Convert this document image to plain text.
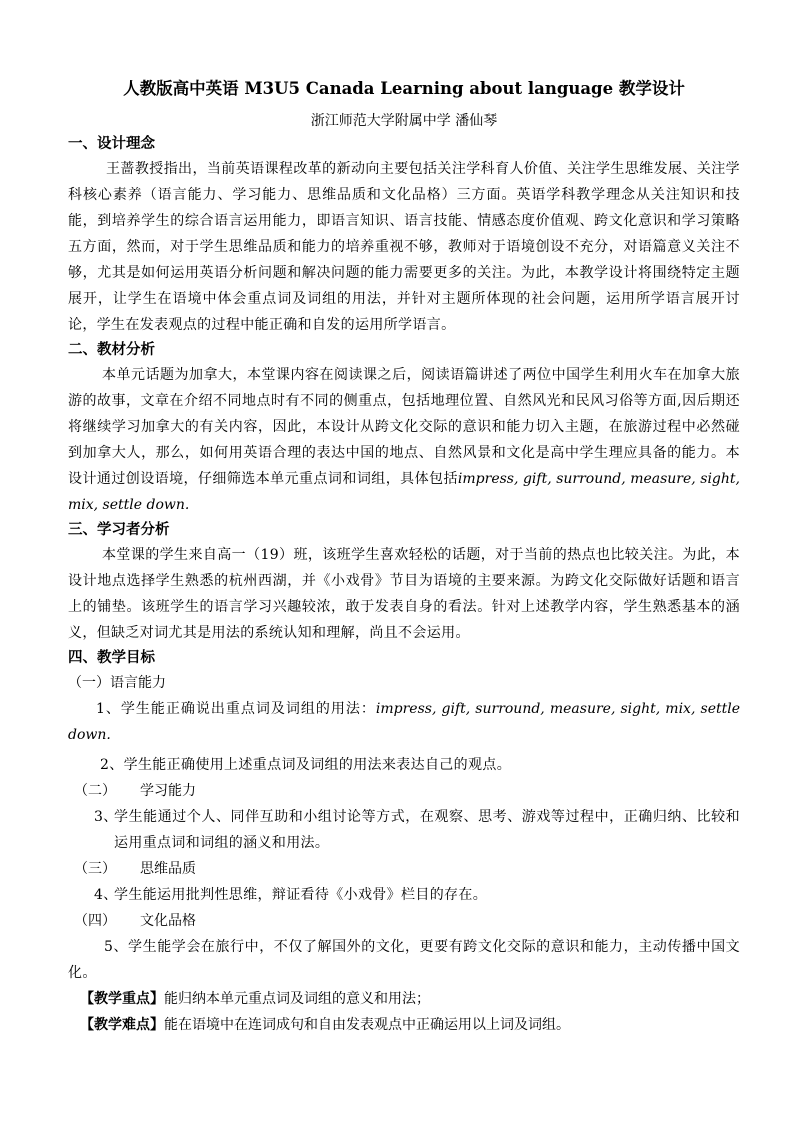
人教版高中英语 M3U5 Canada Learning about language 教学设计

浙江师范大学附属中学 潘仙琴

一、设计理念

王蔷教授指出，当前英语课程改革的新动向主要包括关注学科育人价值、关注学生思维发展、关注学科核心素养（语言能力、学习能力、思维品质和文化品格）三方面。英语学科教学理念从关注知识和技能，到培养学生的综合语言运用能力，即语言知识、语言技能、情感态度价值观、跨文化意识和学习策略五方面，然而，对于学生思维品质和能力的培养重视不够，教师对于语境创设不充分，对语篇意义关注不够，尤其是如何运用英语分析问题和解决问题的能力需要更多的关注。为此，本教学设计将围绕特定主题展开，让学生在语境中体会重点词及词组的用法，并针对主题所体现的社会问题，运用所学语言展开讨论，学生在发表观点的过程中能正确和自发的运用所学语言。

二、教材分析

本单元话题为加拿大，本堂课内容在阅读课之后，阅读语篇讲述了两位中国学生利用火车在加拿大旅游的故事，文章在介绍不同地点时有不同的侧重点，包括地理位置、自然风光和民风习俗等方面,因后期还将继续学习加拿大的有关内容，因此，本设计从跨文化交际的意识和能力切入主题，在旅游过程中必然碰到加拿大人，那么，如何用英语合理的表达中国的地点、自然风景和文化是高中学生理应具备的能力。本设计通过创设语境，仔细筛选本单元重点词和词组，具体包括impress, gift, surround, measure, sight, mix, settle down.

三、学习者分析

本堂课的学生来自高一（19）班，该班学生喜欢轻松的话题，对于当前的热点也比较关注。为此，本设计地点选择学生熟悉的杭州西湖，并《小戏骨》节目为语境的主要来源。为跨文化交际做好话题和语言上的铺垫。该班学生的语言学习兴趣较浓，敢于发表自身的看法。针对上述教学内容，学生熟悉基本的涵义，但缺乏对词尤其是用法的系统认知和理解，尚且不会运用。

四、教学目标

（一）语言能力

1、学生能正确说出重点词及词组的用法：impress, gift, surround, measure, sight, mix, settle down.

2、学生能正确使用上述重点词及词组的用法来表达自己的观点。

（二） 学习能力

3、
学生能通过个人、同伴互助和小组讨论等方式，在观察、思考、游戏等过程中，正确归纳、比较和运用重点词和词组的涵义和用法。

（三） 思维品质

4、
学生能运用批判性思维，辩证看待《小戏骨》栏目的存在。

（四） 文化品格

5、学生能学会在旅行中，不仅了解国外的文化，更要有跨文化交际的意识和能力，主动传播中国文化。

【教学重点】能归纳本单元重点词及词组的意义和用法；

【教学难点】能在语境中在连词成句和自由发表观点中正确运用以上词及词组。
